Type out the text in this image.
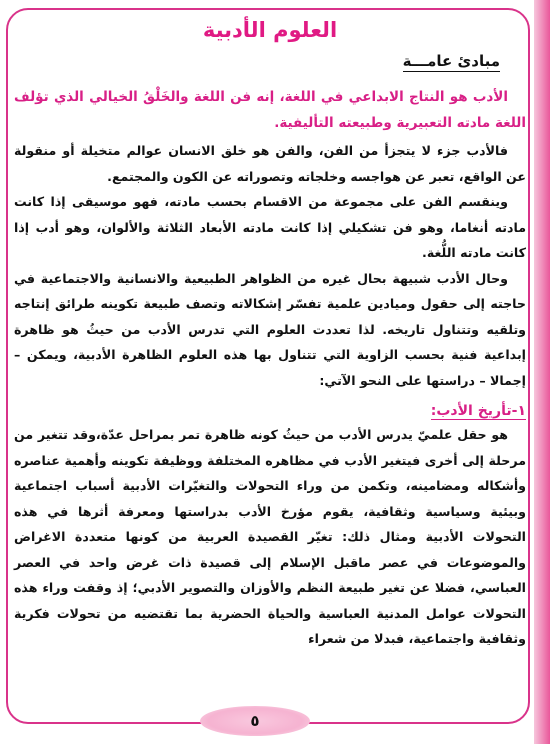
العلوم الأدبية
مبادئ عامـــة

الأدب هو النتاج الابداعي في اللغة، إنه فن اللغة والخَلْقُ الخيالي الذي تؤلف اللغة مادته التعبيرية وطبيعته التأليفية.

فالأدب جزء لا يتجزأ من الفن، والفن هو خلق الانسان عوالم متخيلة أو منقولة عن الواقع، تعبر عن هواجسه وخلجاته وتصوراته عن الكون والمجتمع.

وينقسم الفن على مجموعة من الاقسام بحسب مادته، فهو موسيقى إذا كانت مادته أنغاما، وهو فن تشكيلي إذا كانت مادته الأبعاد الثلاثة والألوان، وهو أدب إذا كانت مادته اللُّغة.

وحال الأدب شبيهة بحال غيره من الظواهر الطبيعية والانسانية والاجتماعية في حاجته إلى حقول وميادين علمية تفسّر إشكالاته وتصف طبيعة تكوينه طرائق إنتاجه وتلقيه وتتناول تاريخه. لذا تعددت العلوم التي تدرس الأدب من حيثُ هو ظاهرة إبداعية فنية بحسب الزاوية التي تتناول بها هذه العلوم الظاهرة الأدبية، ويمكن – إجمالا – دراستها على النحو الآتي:

١-تأريخ الأدب:

هو حقل علميّ يدرس الأدب من حيثُ كونه ظاهرة تمر بمراحل عدّة،وقد تتغير من مرحلة إلى أخرى فيتغير الأدب في مظاهره المختلفة ووظيفة تكوينه وأهمية عناصره وأشكاله ومضامينه، وتكمن من وراء التحولات والتغيّرات الأدبية أسباب اجتماعية وبيئية وسياسية وثقافية، يقوم مؤرخ الأدب بدراستها ومعرفة أثرها في هذه التحولات الأدبية ومثال ذلك: تغيّر القصيدة العربية من كونها متعددة الاغراض والموضوعات في عصر ماقبل الإسلام إلى قصيدة ذات غرض واحد في العصر العباسي، فضلا عن تغير طبيعة النظم والأوزان والتصوير الأدبي؛ إذ وقفت وراء هذه التحولات عوامل المدنية العباسية والحياة الحضرية بما تقتضيه من تحولات فكرية وثقافية واجتماعية، فبدلا من شعراء

٥
